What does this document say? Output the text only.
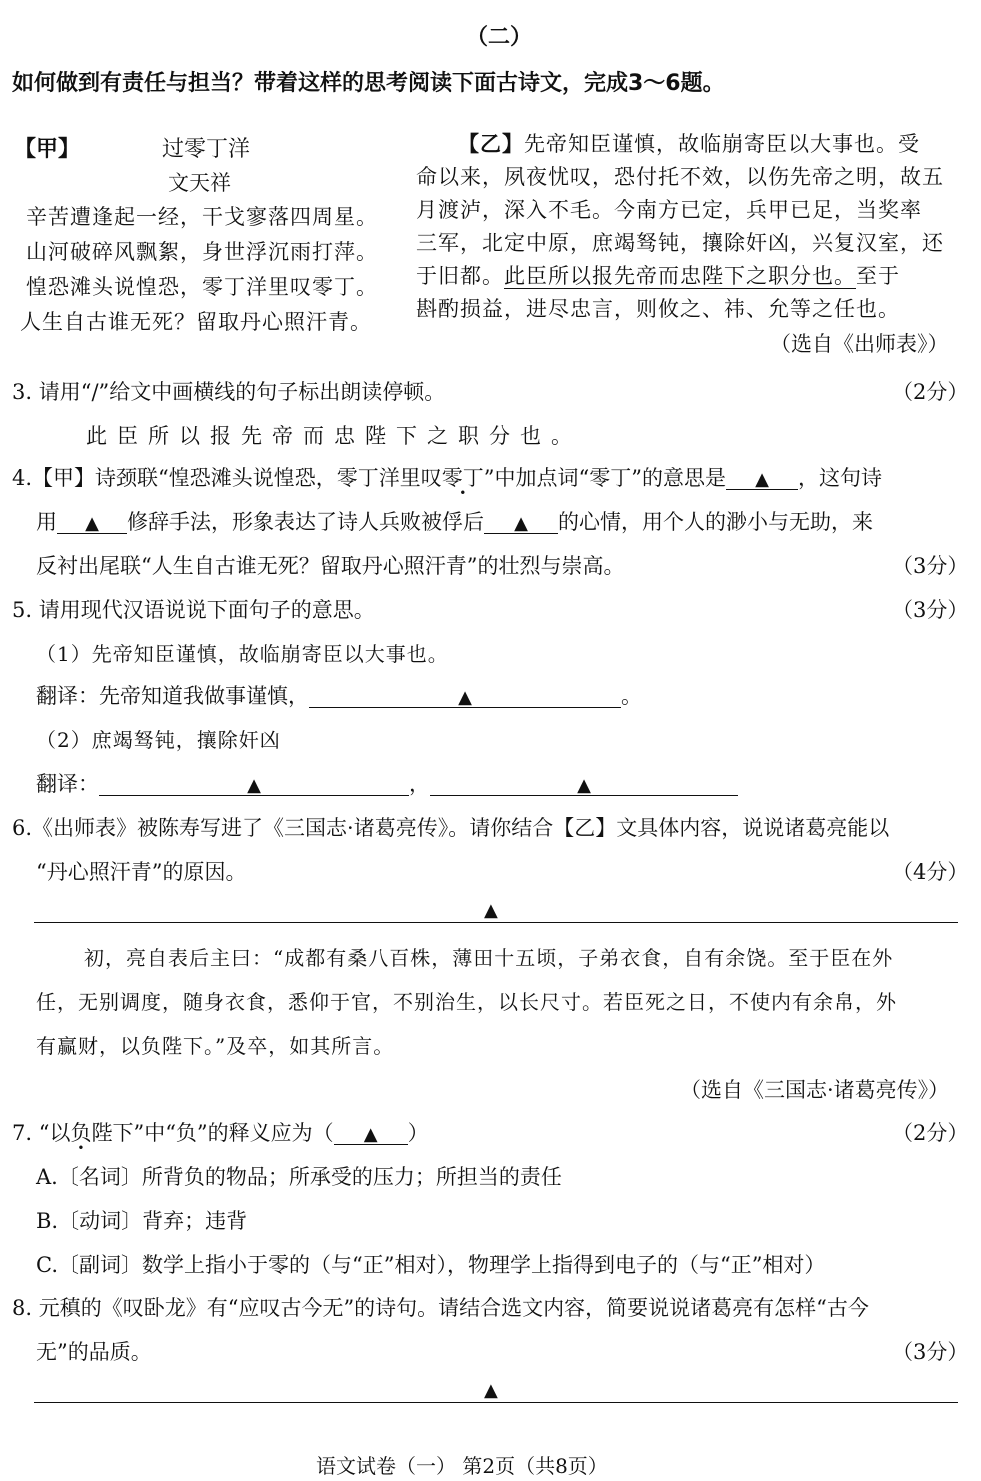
（二）
如何做到有责任与担当？带着这样的思考阅读下面古诗文，完成3～6题。
【甲】	过零丁洋
文天祥
辛苦遭逢起一经，干戈寥落四周星。
山河破碎风飘絮，身世浮沉雨打萍。
惶恐滩头说惶恐，零丁洋里叹零丁。
人生自古谁无死？留取丹心照汗青。
【乙】先帝知臣谨慎，故临崩寄臣以大事也。受
命以来，夙夜忧叹，恐付托不效，以伤先帝之明，故五
月渡泸，深入不毛。今南方已定，兵甲已足，当奖率
三军，北定中原，庶竭驽钝，攘除奸凶，兴复汉室，还
于旧都。此臣所以报先帝而忠陛下之职分也。至于
斟酌损益，进尽忠言，则攸之、祎、允等之任也。
（选自《出师表》）
3. 请用“/”给文中画横线的句子标出朗读停顿。	（2分）
此臣所以报先帝而忠陛下之职分也。
4.【甲】诗颈联“惶恐滩头说惶恐，零丁洋里叹零丁”中加点词“零丁”的意思是 ▲ ，这句诗
用 ▲ 修辞手法，形象表达了诗人兵败被俘后 ▲ 的心情，用个人的渺小与无助，来
反衬出尾联“人生自古谁无死？留取丹心照汗青”的壮烈与崇高。	（3分）
5. 请用现代汉语说说下面句子的意思。	（3分）
（1）先帝知臣谨慎，故临崩寄臣以大事也。
翻译：先帝知道我做事谨慎，	▲	。
（2）庶竭驽钝，攘除奸凶
翻译：	▲	，	▲
6.《出师表》被陈寿写进了《三国志·诸葛亮传》。请你结合【乙】文具体内容，说说诸葛亮能以
“丹心照汗青”的原因。	（4分）
▲
初，亮自表后主曰：“成都有桑八百株，薄田十五顷，子弟衣食，自有余饶。至于臣在外
任，无别调度，随身衣食，悉仰于官，不别治生，以长尺寸。若臣死之日，不使内有余帛，外
有赢财，以负陛下。”及卒，如其所言。
（选自《三国志·诸葛亮传》）
7. “以负陛下”中“负”的释义应为（ ▲ ）	（2分）
A.〔名词〕所背负的物品；所承受的压力；所担当的责任
B.〔动词〕背弃；违背
C.〔副词〕数学上指小于零的（与“正”相对），物理学上指得到电子的（与“正”相对）
8. 元稹的《叹卧龙》有“应叹古今无”的诗句。请结合选文内容，简要说说诸葛亮有怎样“古今
无”的品质。	（3分）
▲
语文试卷（一） 第2页（共8页）
